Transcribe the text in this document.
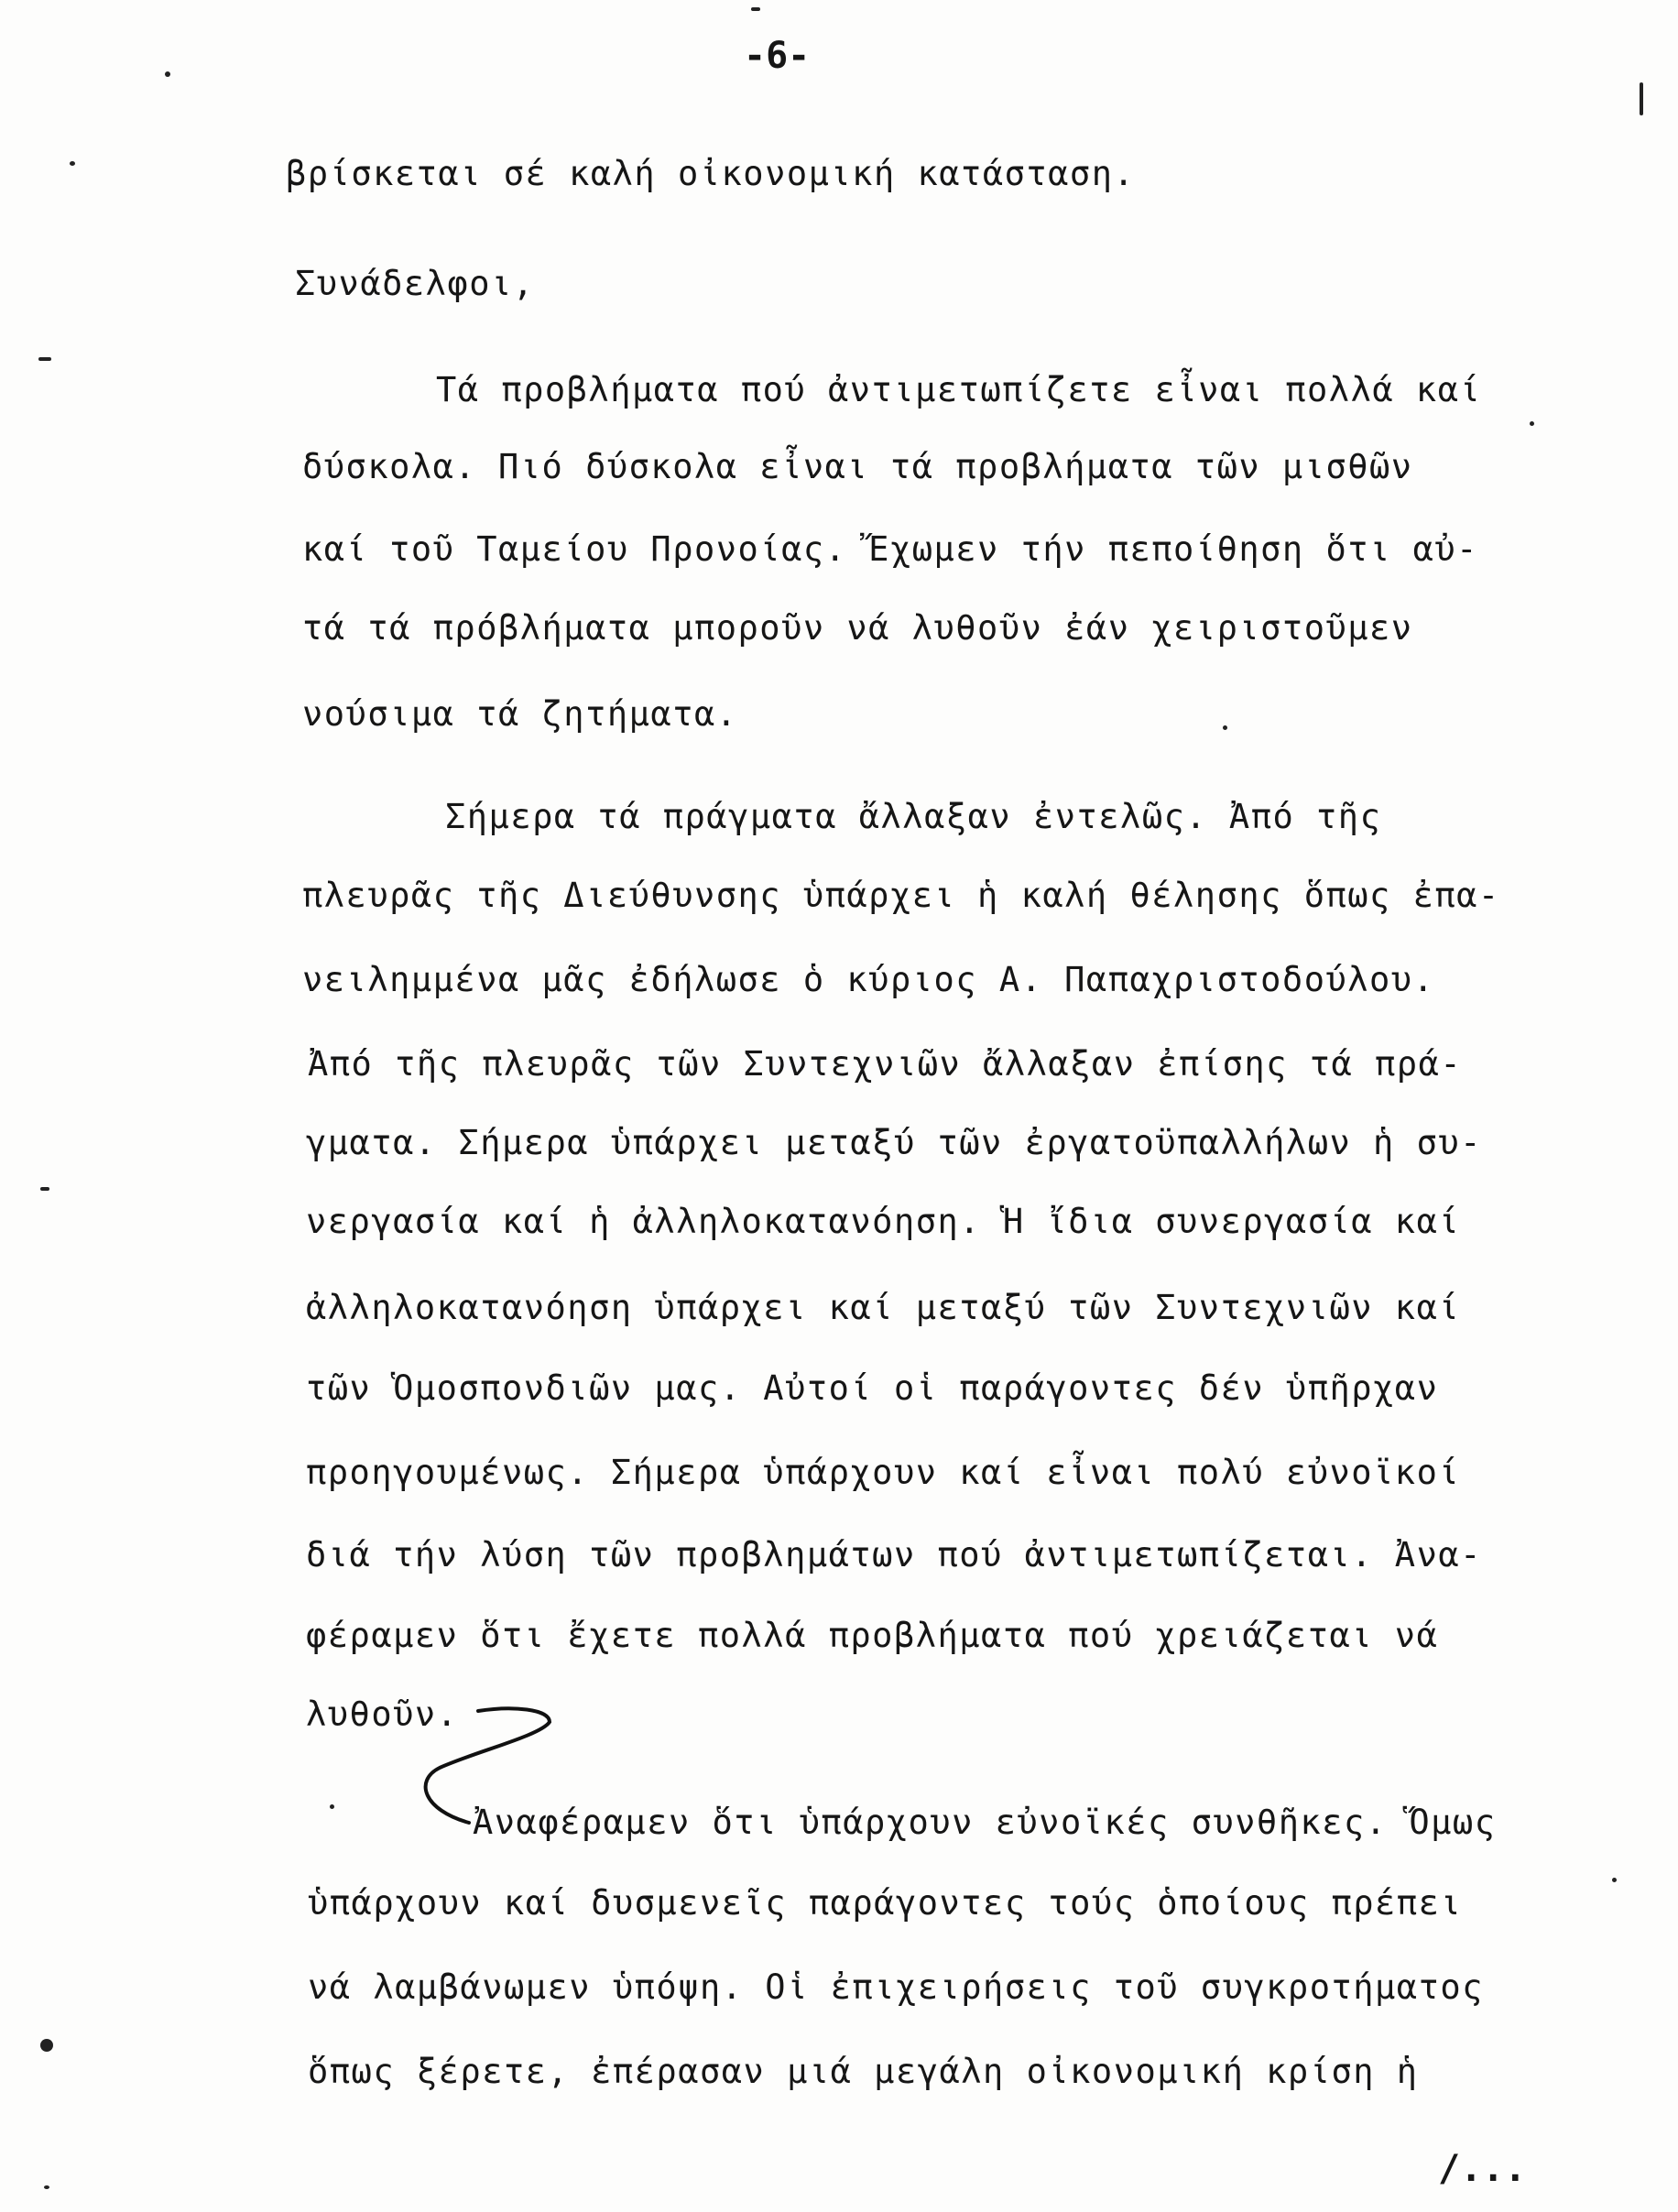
-6-
βρίσκεται σέ καλή οἰκονομική κατάσταση.
Συνάδελφοι,
Τά προβλήματα πού ἀντιμετωπίζετε εἶναι πολλά καί
δύσκολα. Πιό δύσκολα εἶναι τά προβλήματα τῶν μισθῶν
καί τοῦ Ταμείου Προνοίας. Ἔχωμεν τήν πεποίθηση ὅτι αὐ-
τά τά πρόβλήματα μποροῦν νά λυθοῦν ἐάν χειριστοῦμεν
νούσιμα τά ζητήματα.
Σήμερα τά πράγματα ἄλλαξαν ἐντελῶς. Ἀπό τῆς
πλευρᾶς τῆς Διεύθυνσης ὑπάρχει ἡ καλή θέλησης ὅπως ἐπα-
νειλημμένα μᾶς ἐδήλωσε ὁ κύριος Α. Παπαχριστοδούλου.
Ἀπό τῆς πλευρᾶς τῶν Συντεχνιῶν ἄλλαξαν ἐπίσης τά πρά-
γματα. Σήμερα ὑπάρχει μεταξύ τῶν ἐργατοϋπαλλήλων ἡ συ-
νεργασία καί ἡ ἀλληλοκατανόηση. Ἡ ἴδια συνεργασία καί
ἀλληλοκατανόηση ὑπάρχει καί μεταξύ τῶν Συντεχνιῶν καί
τῶν Ὁμοσπονδιῶν μας. Αὐτοί οἱ παράγοντες δέν ὑπῆρχαν
προηγουμένως. Σήμερα ὑπάρχουν καί εἶναι πολύ εὐνοϊκοί
διά τήν λύση τῶν προβλημάτων πού ἀντιμετωπίζεται. Ἀνα-
φέραμεν ὅτι ἔχετε πολλά προβλήματα πού χρειάζεται νά
λυθοῦν.
Ἀναφέραμεν ὅτι ὑπάρχουν εὐνοϊκές συνθῆκες. Ὅμως
ὑπάρχουν καί δυσμενεῖς παράγοντες τούς ὁποίους πρέπει
νά λαμβάνωμεν ὑπόψη. Οἱ ἐπιχειρήσεις τοῦ συγκροτήματος
ὅπως ξέρετε, ἐπέρασαν μιά μεγάλη οἰκονομική κρίση ἡ
/...
